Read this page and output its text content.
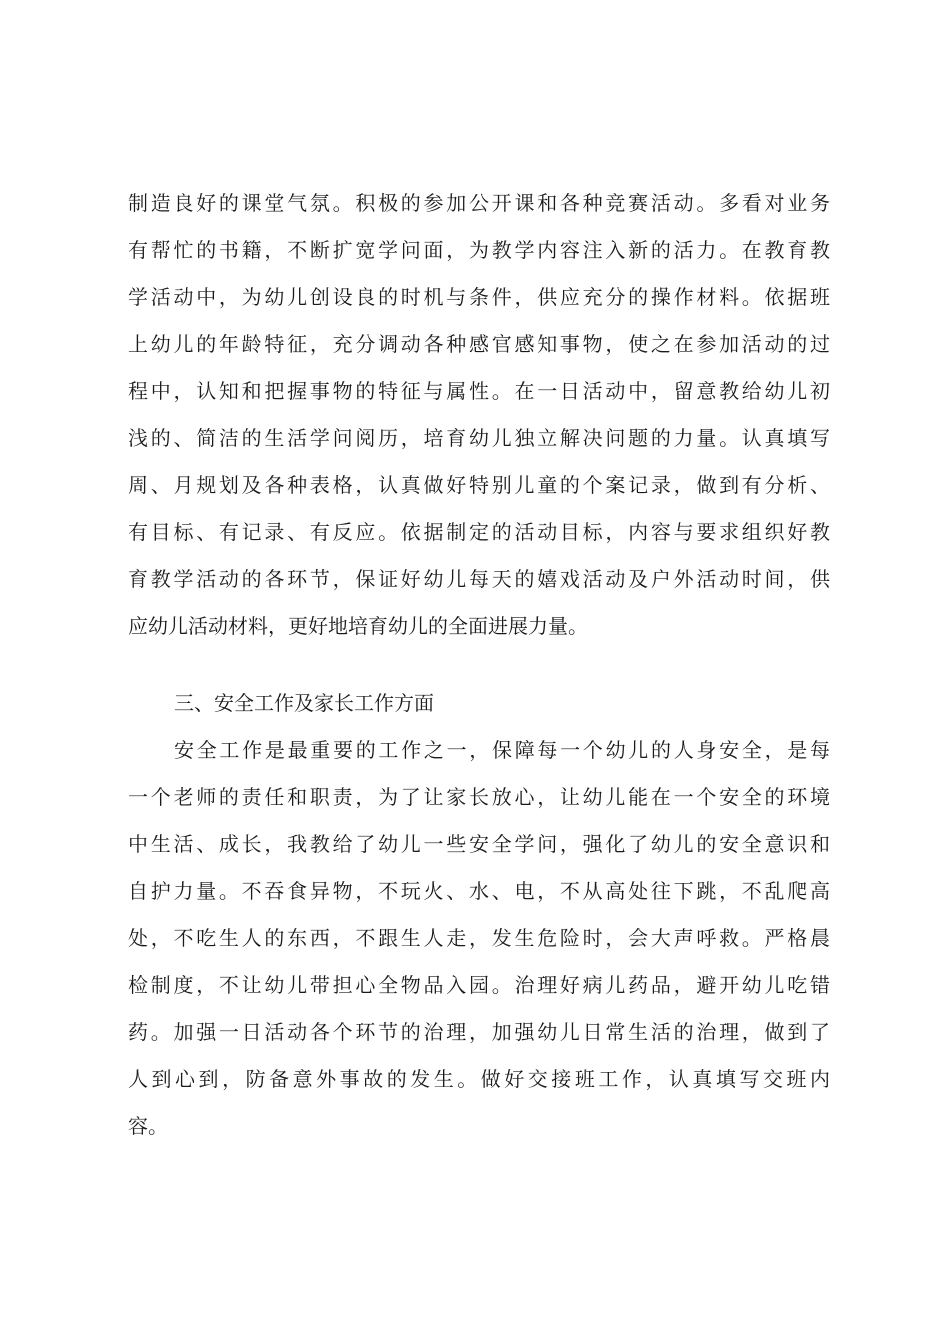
制造良好的课堂气氛。积极的参加公开课和各种竞赛活动。多看对业务
有帮忙的书籍，不断扩宽学问面，为教学内容注入新的活力。在教育教
学活动中，为幼儿创设良的时机与条件，供应充分的操作材料。依据班
上幼儿的年龄特征，充分调动各种感官感知事物，使之在参加活动的过
程中，认知和把握事物的特征与属性。在一日活动中，留意教给幼儿初
浅的、简洁的生活学问阅历，培育幼儿独立解决问题的力量。认真填写
周、月规划及各种表格，认真做好特别儿童的个案记录，做到有分析、
有目标、有记录、有反应。依据制定的活动目标，内容与要求组织好教
育教学活动的各环节，保证好幼儿每天的嬉戏活动及户外活动时间，供
应幼儿活动材料，更好地培育幼儿的全面进展力量。
三、安全工作及家长工作方面
安全工作是最重要的工作之一，保障每一个幼儿的人身安全，是每
一个老师的责任和职责，为了让家长放心，让幼儿能在一个安全的环境
中生活、成长，我教给了幼儿一些安全学问，强化了幼儿的安全意识和
自护力量。不吞食异物，不玩火、水、电，不从高处往下跳，不乱爬高
处，不吃生人的东西，不跟生人走，发生危险时，会大声呼救。严格晨
检制度，不让幼儿带担心全物品入园。治理好病儿药品，避开幼儿吃错
药。加强一日活动各个环节的治理，加强幼儿日常生活的治理，做到了
人到心到，防备意外事故的发生。做好交接班工作，认真填写交班内
容。
